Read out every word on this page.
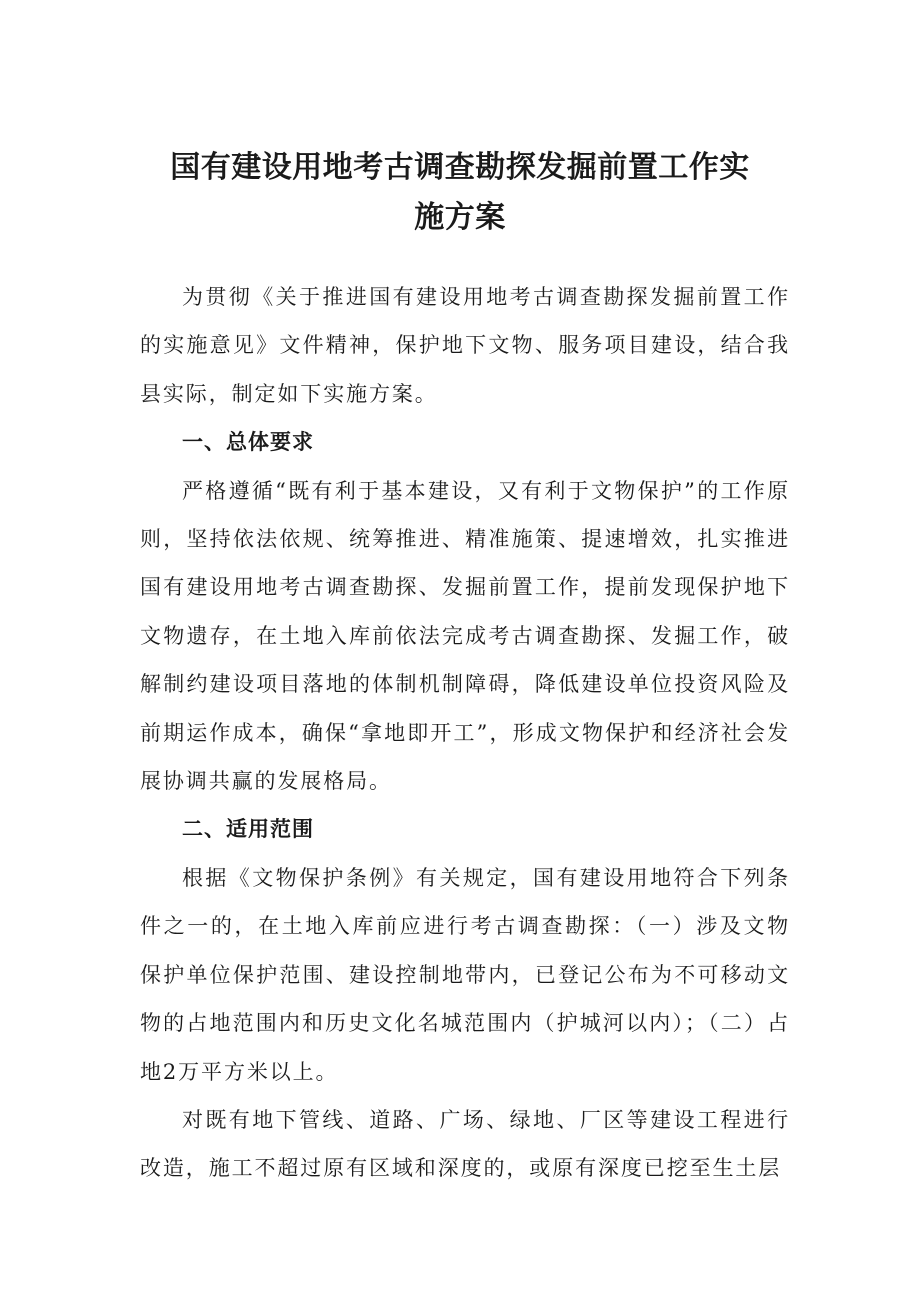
国有建设用地考古调查勘探发掘前置工作实
施方案

为贯彻《关于推进国有建设用地考古调查勘探发掘前置工作的实施意见》文件精神，保护地下文物、服务项目建设，结合我县实际，制定如下实施方案。

一、总体要求

严格遵循“既有利于基本建设，又有利于文物保护”的工作原则，坚持依法依规、统筹推进、精准施策、提速增效，扎实推进国有建设用地考古调查勘探、发掘前置工作，提前发现保护地下文物遗存，在土地入库前依法完成考古调查勘探、发掘工作，破解制约建设项目落地的体制机制障碍，降低建设单位投资风险及前期运作成本，确保“拿地即开工”，形成文物保护和经济社会发展协调共赢的发展格局。

二、适用范围

根据《文物保护条例》有关规定，国有建设用地符合下列条件之一的，在土地入库前应进行考古调查勘探：（一）涉及文物保护单位保护范围、建设控制地带内，已登记公布为不可移动文物的占地范围内和历史文化名城范围内（护城河以内）；（二）占地2万平方米以上。

对既有地下管线、道路、广场、绿地、厂区等建设工程进行改造，施工不超过原有区域和深度的，或原有深度已挖至生土层
